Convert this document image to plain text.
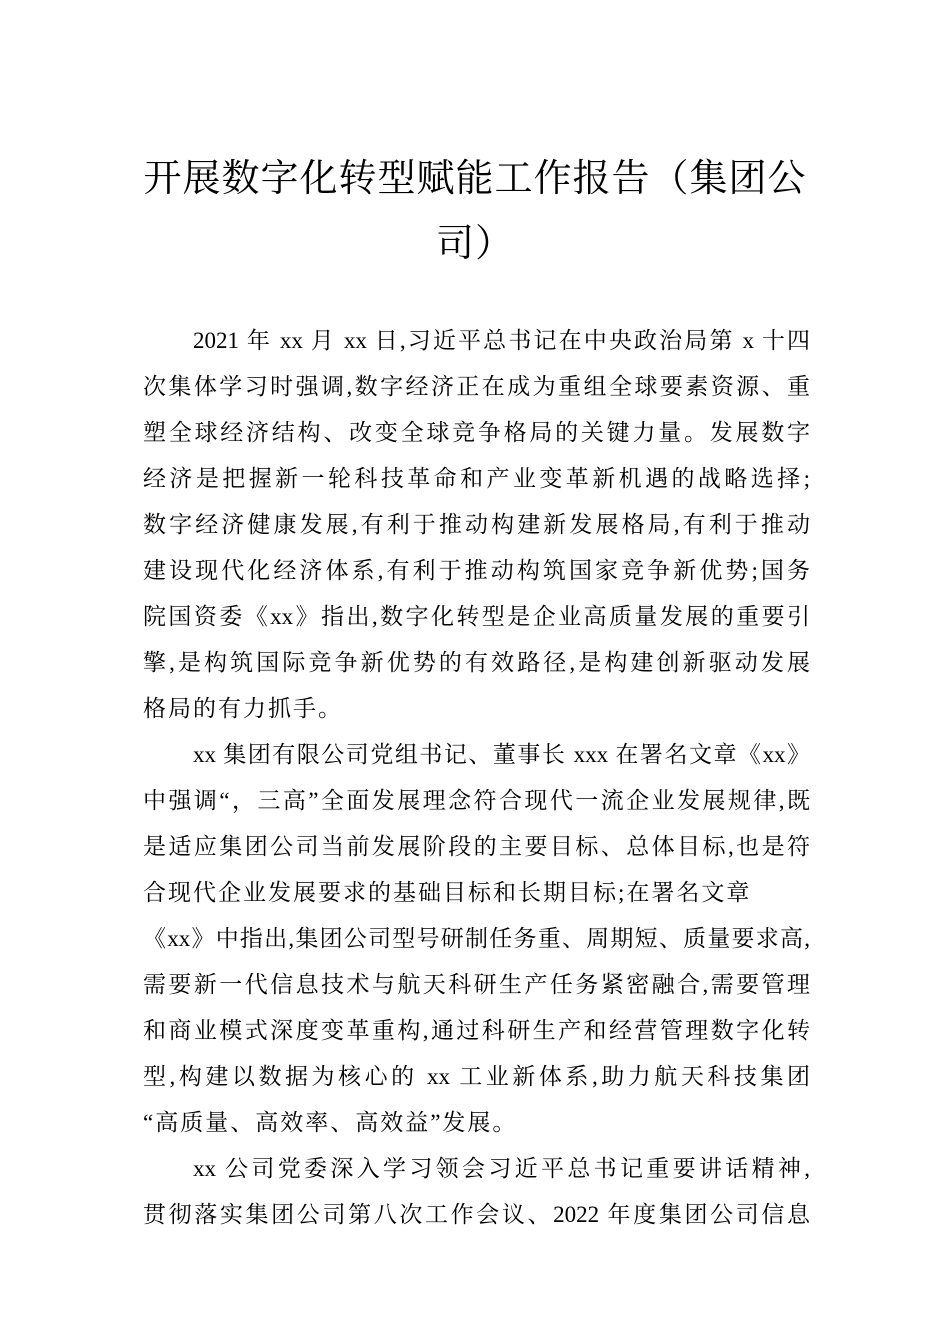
开展数字化转型赋能工作报告（集团公
司）
2021 年 xx 月 xx 日,习近平总书记在中央政治局第 x 十四
次集体学习时强调,数字经济正在成为重组全球要素资源、重
塑全球经济结构、改变全球竞争格局的关键力量。发展数字
经济是把握新一轮科技革命和产业变革新机遇的战略选择;
数字经济健康发展,有利于推动构建新发展格局,有利于推动
建设现代化经济体系,有利于推动构筑国家竞争新优势;国务
院国资委《xx》指出,数字化转型是企业高质量发展的重要引
擎,是构筑国际竞争新优势的有效路径,是构建创新驱动发展
格局的有力抓手。
xx 集团有限公司党组书记、董事长 xxx 在署名文章《xx》
中强调“，三高”全面发展理念符合现代一流企业发展规律,既
是适应集团公司当前发展阶段的主要目标、总体目标,也是符
合现代企业发展要求的基础目标和长期目标;在署名文章
《xx》中指出,集团公司型号研制任务重、周期短、质量要求高,
需要新一代信息技术与航天科研生产任务紧密融合,需要管理
和商业模式深度变革重构,通过科研生产和经营管理数字化转
型,构建以数据为核心的 xx 工业新体系,助力航天科技集团
“高质量、高效率、高效益”发展。
xx 公司党委深入学习领会习近平总书记重要讲话精神,
贯彻落实集团公司第八次工作会议、2022 年度集团公司信息
